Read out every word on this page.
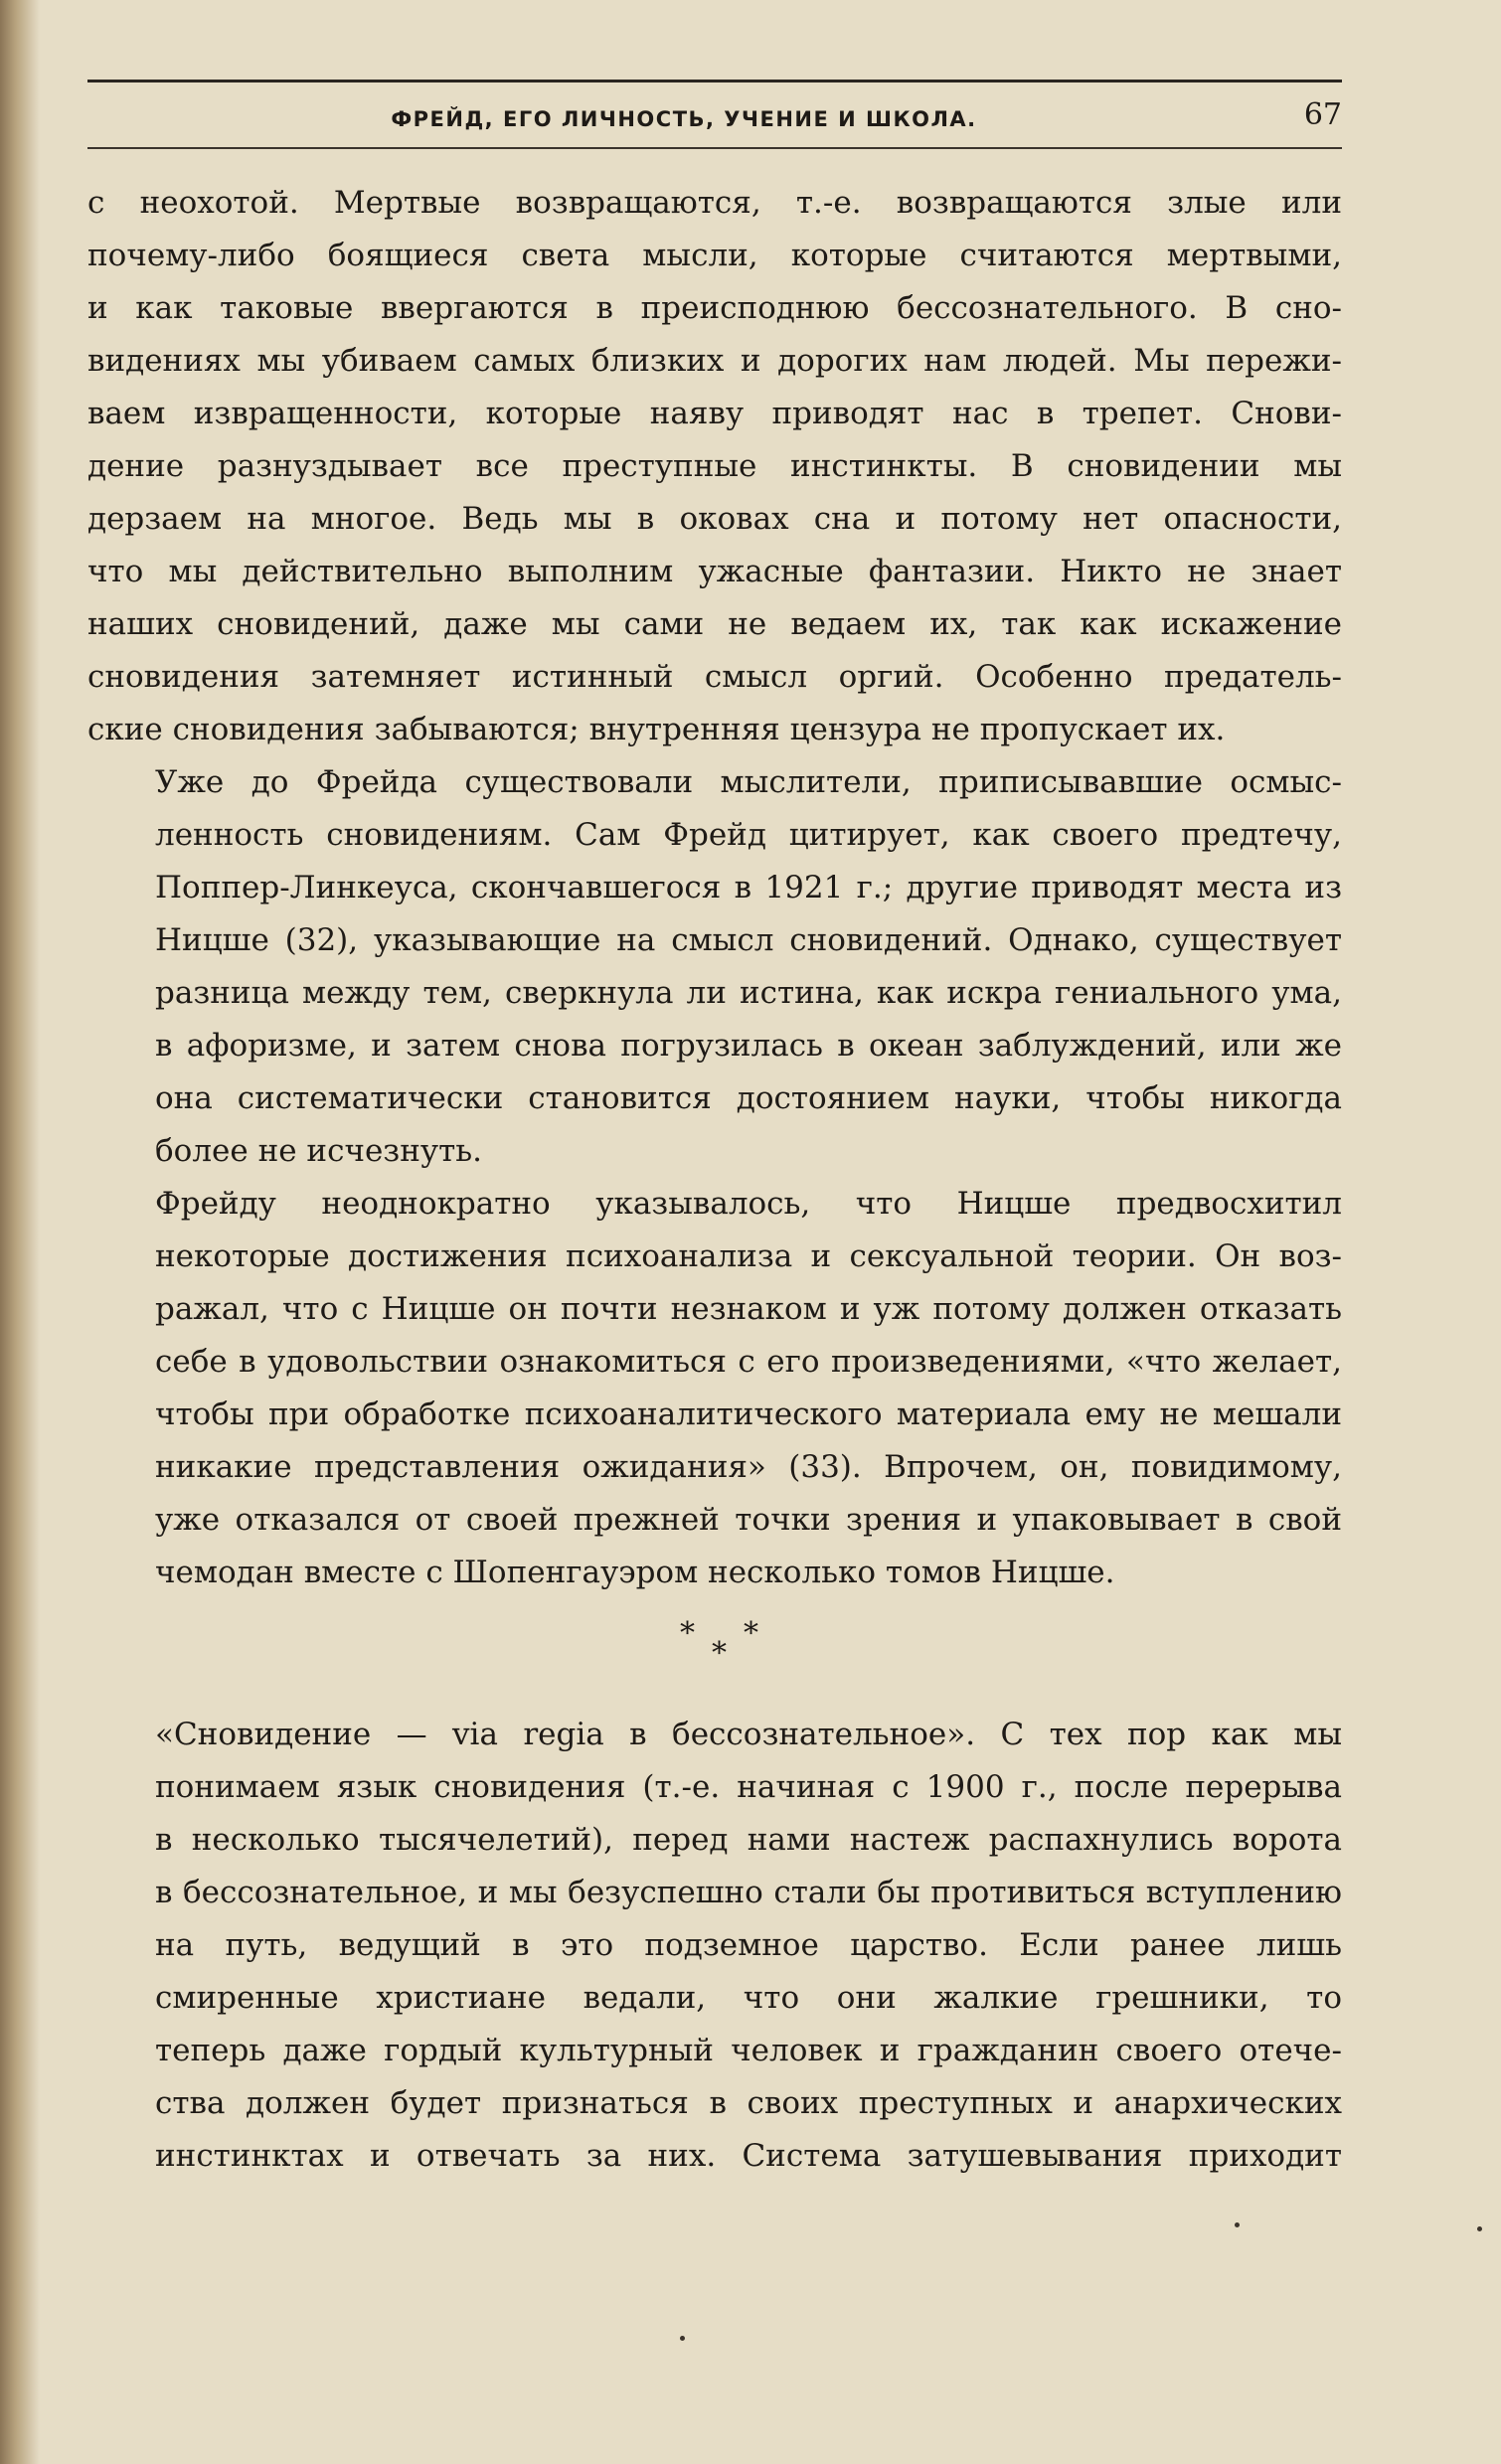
ФРЕЙД, ЕГО ЛИЧНОСТЬ, УЧЕНИЕ И ШКОЛА.	67

с неохотой. Мертвые возвращаются, т.-е. возвращаются злые или
почему-либо боящиеся света мысли, которые считаются мертвыми,
и как таковые ввергаются в преисподнюю бессознательного. В сно-
видениях мы убиваем самых близких и дорогих нам людей. Мы пережи-
ваем извращенности, которые наяву приводят нас в трепет. Снови-
дение разнуздывает все преступные инстинкты. В сновидении мы
дерзаем на многое. Ведь мы в оковах сна и потому нет опасности,
что мы действительно выполним ужасные фантазии. Никто не знает
наших сновидений, даже мы сами не ведаем их, так как искажение
сновидения затемняет истинный смысл оргий. Особенно предатель-
ские сновидения забываются; внутренняя цензура не пропускает их.

Уже до Фрейда существовали мыслители, приписывавшие осмыс-
ленность сновидениям. Сам Фрейд цитирует, как своего предтечу,
Поппер-Линкеуса, скончавшегося в 1921 г.; другие приводят места из
Ницше (32), указывающие на смысл сновидений. Однако, существует
разница между тем, сверкнула ли истина, как искра гениального ума,
в афоризме, и затем снова погрузилась в океан заблуждений, или же
она систематически становится достоянием науки, чтобы никогда
более не исчезнуть.

Фрейду неоднократно указывалось, что Ницше предвосхитил
некоторые достижения психоанализа и сексуальной теории. Он воз-
ражал, что с Ницше он почти незнаком и уж потому должен отказать
себе в удовольствии ознакомиться с его произведениями, «что желает,
чтобы при обработке психоаналитического материала ему не мешали
никакие представления ожидания» (33). Впрочем, он, повидимому,
уже отказался от своей прежней точки зрения и упаковывает в свой
чемодан вместе с Шопенгауэром несколько томов Ницше.

*
*
*

«Сновидение — via regia в бессознательное». С тех пор как мы
понимаем язык сновидения (т.-е. начиная с 1900 г., после перерыва
в несколько тысячелетий), перед нами настеж распахнулись ворота
в бессознательное, и мы безуспешно стали бы противиться вступлению
на путь, ведущий в это подземное царство. Если ранее лишь
смиренные христиане ведали, что они жалкие грешники, то
теперь даже гордый культурный человек и гражданин своего отече-
ства должен будет признаться в своих преступных и анархических
инстинктах и отвечать за них. Система затушевывания приходит
